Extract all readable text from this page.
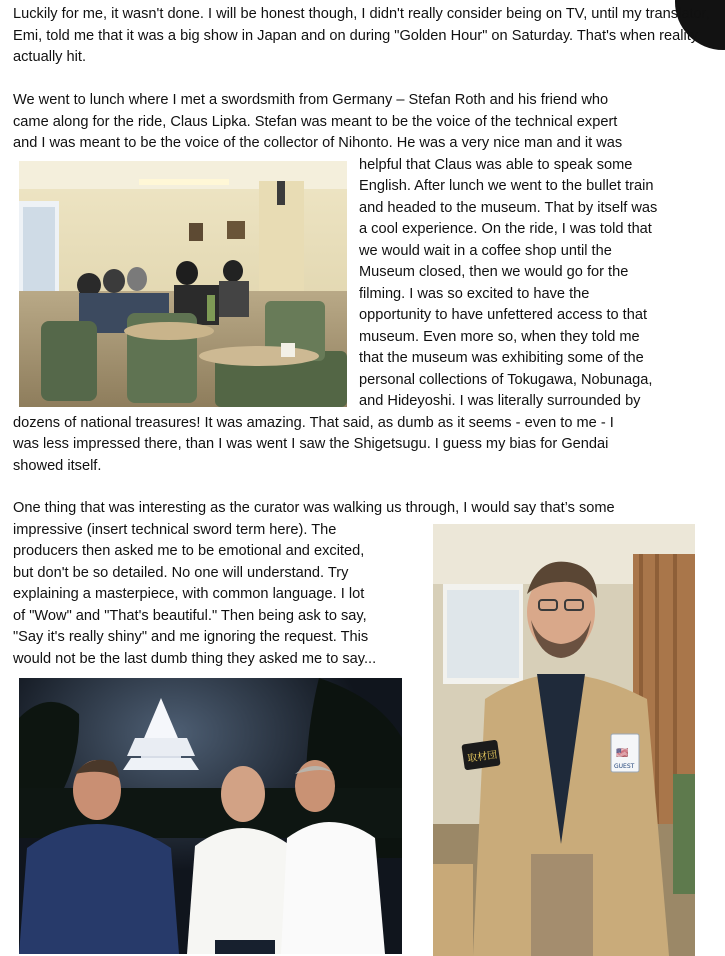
Luckily for me, it wasn't done. I will be honest though, I didn't really consider being on TV, until my translator, Emi, told me that it was a big show in Japan and on during "Golden Hour" on Saturday. That's when reality actually hit.
We went to lunch where I met a swordsmith from Germany – Stefan Roth and his friend who
came along for the ride, Claus Lipka. Stefan was meant to be the voice of the technical expert
and I was meant to be the voice of the collector of Nihonto. He was a very nice man and it was
helpful that Claus was able to speak some
English. After lunch we went to the bullet train
and headed to the museum. That by itself was
a cool experience. On the ride, I was told that
we would wait in a coffee shop until the
Museum closed, then we would go for the
filming. I was so excited to have the
opportunity to have unfettered access to that
museum. Even more so, when they told me
that the museum was exhibiting some of the
personal collections of Tokugawa, Nobunaga,
and Hideyoshi. I was literally surrounded by
dozens of national treasures! It was amazing. That said, as dumb as it seems - even to me - I
was less impressed there, than I was went I saw the Shigetsugu. I guess my bias for Gendai
showed itself.
One thing that was interesting as the curator was walking us through, I would say that’s some
impressive (insert technical sword term here). The
producers then asked me to be emotional and excited,
but don't be so detailed. No one will understand. Try
explaining a masterpiece, with common language. I lot
of "Wow" and "That's beautiful." Then being ask to say,
"Say it's really shiny" and me ignoring the request. This
would not be the last dumb thing they asked me to say...
取材団	🇺🇸
GUEST
